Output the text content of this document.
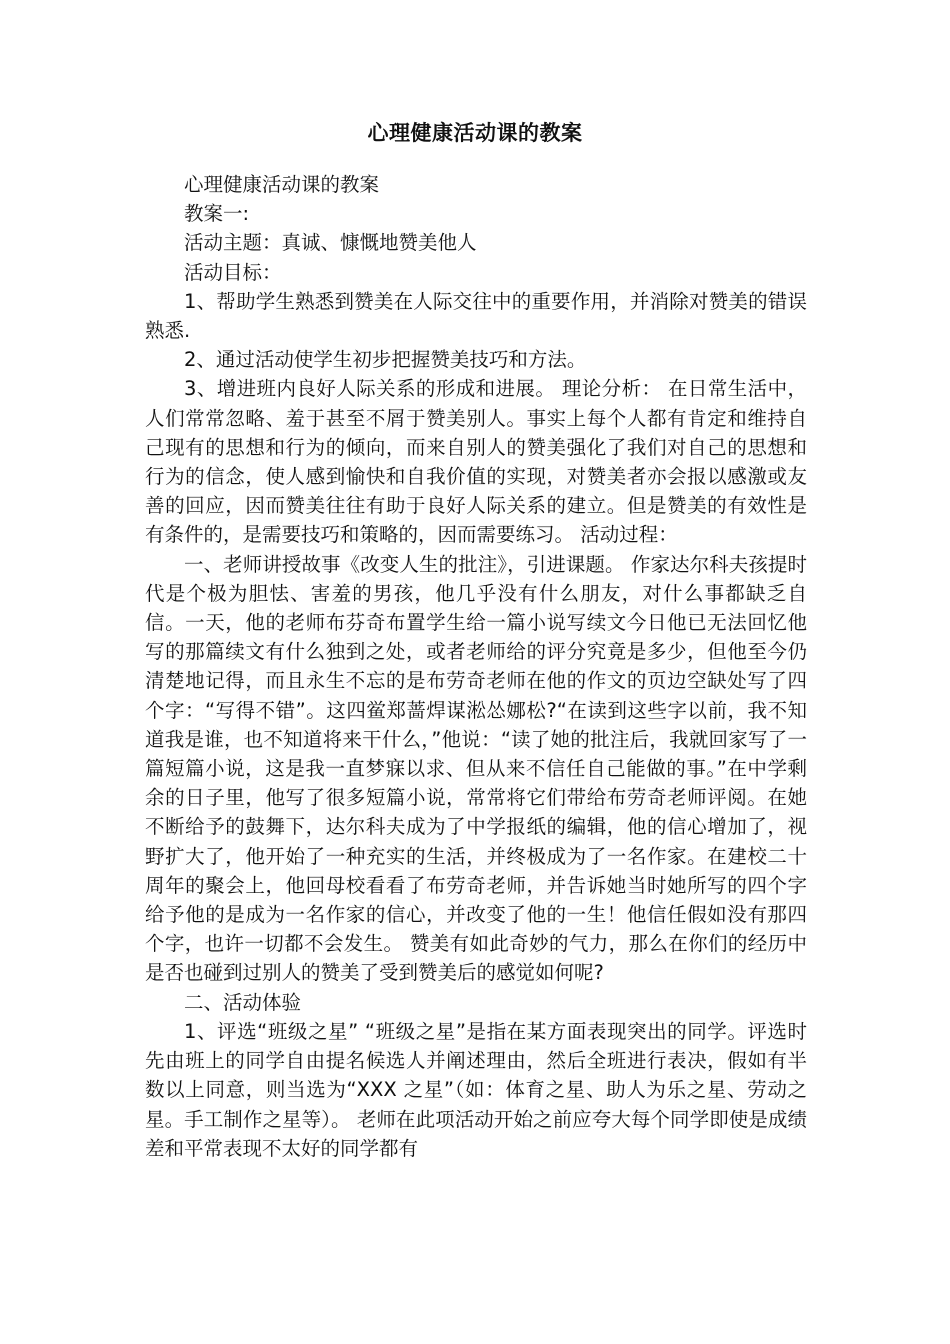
心理健康活动课的教案

心理健康活动课的教案

教案一:

活动主题：真诚、慷慨地赞美他人

活动目标：

1、帮助学生熟悉到赞美在人际交往中的重要作用，并消除对赞美的错误熟悉.

2、通过活动使学生初步把握赞美技巧和方法。

3、增进班内良好人际关系的形成和进展。 理论分析： 在日常生活中，人们常常忽略、羞于甚至不屑于赞美别人。事实上每个人都有肯定和维持自己现有的思想和行为的倾向，而来自别人的赞美强化了我们对自己的思想和行为的信念，使人感到愉快和自我价值的实现，对赞美者亦会报以感激或友善的回应，因而赞美往往有助于良好人际关系的建立。但是赞美的有效性是有条件的，是需要技巧和策略的，因而需要练习。 活动过程：

一、老师讲授故事《改变人生的批注》，引进课题。 作家达尔科夫孩提时代是个极为胆怯、害羞的男孩，他几乎没有什么朋友，对什么事都缺乏自信。一天，他的老师布芬奇布置学生给一篇小说写续文今日他已无法回忆他写的那篇续文有什么独到之处，或者老师给的评分究竟是多少，但他至今仍清楚地记得，而且永生不忘的是布劳奇老师在他的作文的页边空缺处写了四个字：“写得不错”。这四鲎郑蔷焊谋淞怂娜松?“在读到这些字以前，我不知道我是谁，也不知道将来干什么，”他说：“读了她的批注后，我就回家写了一篇短篇小说，这是我一直梦寐以求、但从来不信任自己能做的事。”在中学剩余的日子里，他写了很多短篇小说，常常将它们带给布劳奇老师评阅。在她不断给予的鼓舞下，达尔科夫成为了中学报纸的编辑，他的信心增加了，视野扩大了，他开始了一种充实的生活，并终极成为了一名作家。在建校二十周年的聚会上，他回母校看看了布劳奇老师，并告诉她当时她所写的四个字给予他的是成为一名作家的信心，并改变了他的一生！他信任假如没有那四个字，也许一切都不会发生。 赞美有如此奇妙的气力，那么在你们的经历中是否也碰到过别人的赞美了受到赞美后的感觉如何呢?

二、活动体验

1、评选“班级之星” “班级之星”是指在某方面表现突出的同学。评选时先由班上的同学自由提名候选人并阐述理由，然后全班进行表决，假如有半数以上同意，则当选为“XXX 之星”（如：体育之星、助人为乐之星、劳动之星。手工制作之星等）。 老师在此项活动开始之前应夸大每个同学即使是成绩差和平常表现不太好的同学都有
